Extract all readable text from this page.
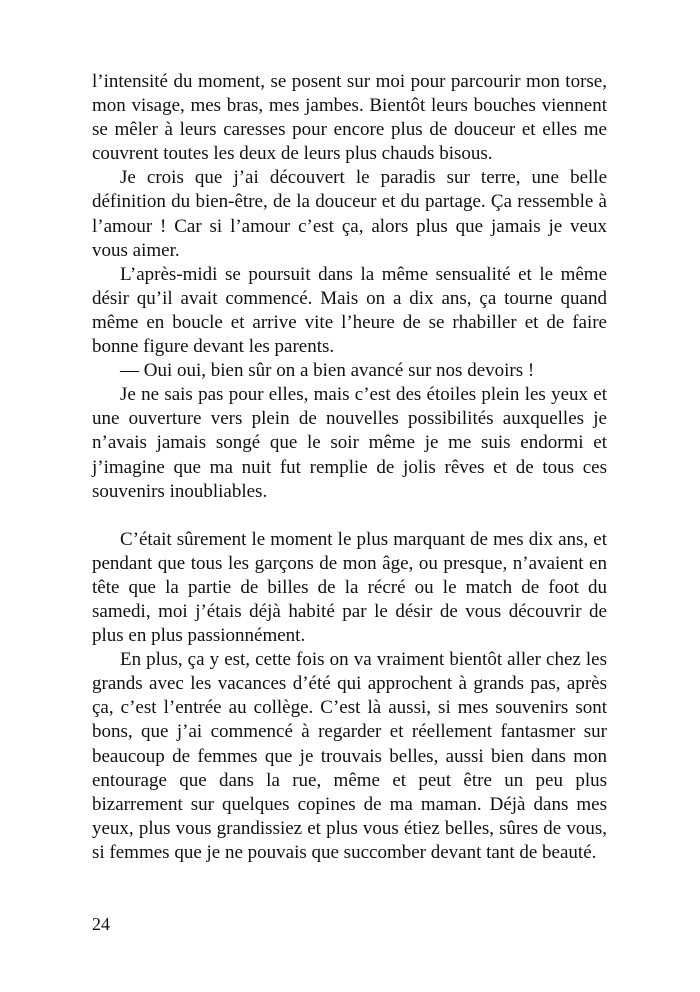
l’intensité du moment, se posent sur moi pour parcourir mon torse, mon visage, mes bras, mes jambes. Bientôt leurs bouches viennent se mêler à leurs caresses pour encore plus de douceur et elles me couvrent toutes les deux de leurs plus chauds bisous.

Je crois que j’ai découvert le paradis sur terre, une belle définition du bien-être, de la douceur et du partage. Ça ressemble à l’amour ! Car si l’amour c’est ça, alors plus que jamais je veux vous aimer.

L’après-midi se poursuit dans la même sensualité et le même désir qu’il avait commencé. Mais on a dix ans, ça tourne quand même en boucle et arrive vite l’heure de se rhabiller et de faire bonne figure devant les parents.

— Oui oui, bien sûr on a bien avancé sur nos devoirs !

Je ne sais pas pour elles, mais c’est des étoiles plein les yeux et une ouverture vers plein de nouvelles possibilités auxquelles je n’avais jamais songé que le soir même je me suis endormi et j’imagine que ma nuit fut remplie de jolis rêves et de tous ces souvenirs inoubliables.

C’était sûrement le moment le plus marquant de mes dix ans, et pendant que tous les garçons de mon âge, ou presque, n’avaient en tête que la partie de billes de la récré ou le match de foot du samedi, moi j’étais déjà habité par le désir de vous découvrir de plus en plus passionnément.

En plus, ça y est, cette fois on va vraiment bientôt aller chez les grands avec les vacances d’été qui approchent à grands pas, après ça, c’est l’entrée au collège. C’est là aussi, si mes souvenirs sont bons, que j’ai commencé à regarder et réellement fantasmer sur beaucoup de femmes que je trouvais belles, aussi bien dans mon entourage que dans la rue, même et peut être un peu plus bizarrement sur quelques copines de ma maman. Déjà dans mes yeux, plus vous grandissiez et plus vous étiez belles, sûres de vous, si femmes que je ne pouvais que succomber devant tant de beauté.

24
